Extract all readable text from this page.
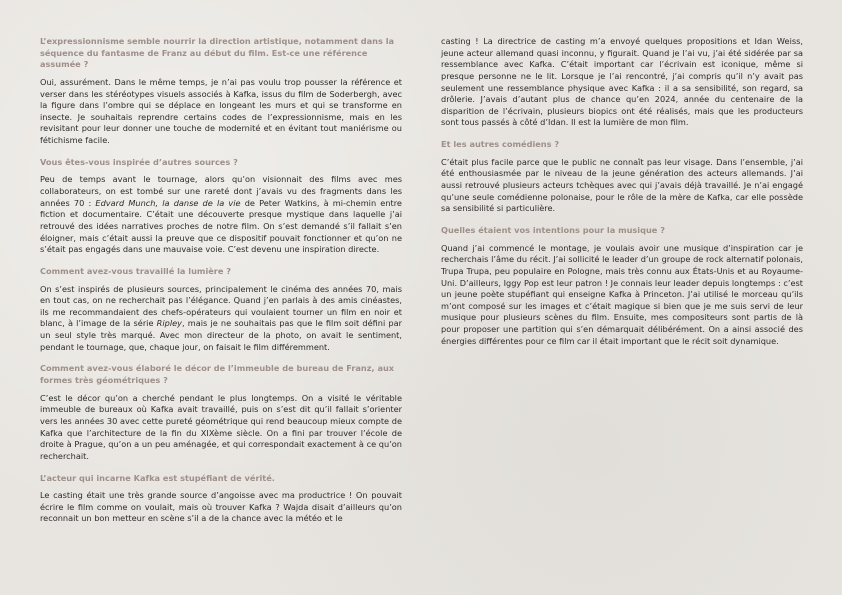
L’expressionnisme semble nourrir la direction artistique, notamment dans la séquence du fantasme de Franz au début du film. Est-ce une référence assumée ?

Oui, assurément. Dans le même temps, je n’ai pas voulu trop pousser la référence et verser dans les stéréotypes visuels associés à Kafka, issus du film de Soderbergh, avec la figure dans l’ombre qui se déplace en longeant les murs et qui se transforme en insecte. Je souhaitais reprendre certains codes de l’expressionnisme, mais en les revisitant pour leur donner une touche de modernité et en évitant tout maniérisme ou fétichisme facile.

Vous êtes-vous inspirée d’autres sources ?

Peu de temps avant le tournage, alors qu’on visionnait des films avec mes collaborateurs, on est tombé sur une rareté dont j’avais vu des fragments dans les années 70 : Edvard Munch, la danse de la vie de Peter Watkins, à mi-chemin entre fiction et documentaire. C’était une découverte presque mystique dans laquelle j’ai retrouvé des idées narratives proches de notre film. On s’est demandé s’il fallait s’en éloigner, mais c’était aussi la preuve que ce dispositif pouvait fonctionner et qu’on ne s’était pas engagés dans une mauvaise voie. C’est devenu une inspiration directe.

Comment avez-vous travaillé la lumière ?

On s’est inspirés de plusieurs sources, principalement le cinéma des années 70, mais en tout cas, on ne recherchait pas l’élégance. Quand j’en parlais à des amis cinéastes, ils me recommandaient des chefs-opérateurs qui voulaient tourner un film en noir et blanc, à l’image de la série Ripley, mais je ne souhaitais pas que le film soit défini par un seul style très marqué. Avec mon directeur de la photo, on avait le sentiment, pendant le tournage, que, chaque jour, on faisait le film différemment.

Comment avez-vous élaboré le décor de l’immeuble de bureau de Franz, aux formes très géométriques ?

C’est le décor qu’on a cherché pendant le plus longtemps. On a visité le véritable immeuble de bureaux où Kafka avait travaillé, puis on s’est dit qu’il fallait s’orienter vers les années 30 avec cette pureté géométrique qui rend beaucoup mieux compte de Kafka que l’architecture de la fin du XIXème siècle. On a fini par trouver l’école de droite à Prague, qu’on a un peu aménagée, et qui correspondait exactement à ce qu’on recherchait.

L’acteur qui incarne Kafka est stupéfiant de vérité.

Le casting était une très grande source d’angoisse avec ma productrice ! On pouvait écrire le film comme on voulait, mais où trouver Kafka ? Wajda disait d’ailleurs qu’on reconnait un bon metteur en scène s’il a de la chance avec la météo et le

casting ! La directrice de casting m’a envoyé quelques propositions et Idan Weiss, jeune acteur allemand quasi inconnu, y figurait. Quand je l’ai vu, j’ai été sidérée par sa ressemblance avec Kafka. C’était important car l’écrivain est iconique, même si presque personne ne le lit. Lorsque je l’ai rencontré, j’ai compris qu’il n’y avait pas seulement une ressemblance physique avec Kafka : il a sa sensibilité, son regard, sa drôlerie. J’avais d’autant plus de chance qu’en 2024, année du centenaire de la disparition de l’écrivain, plusieurs biopics ont été réalisés, mais que les producteurs sont tous passés à côté d’Idan. Il est la lumière de mon film.

Et les autres comédiens ?

C’était plus facile parce que le public ne connaît pas leur visage. Dans l’ensemble, j’ai été enthousiasmée par le niveau de la jeune génération des acteurs allemands. J’ai aussi retrouvé plusieurs acteurs tchèques avec qui j’avais déjà travaillé. Je n’ai engagé qu’une seule comédienne polonaise, pour le rôle de la mère de Kafka, car elle possède sa sensibilité si particulière.

Quelles étaient vos intentions pour la musique ?

Quand j’ai commencé le montage, je voulais avoir une musique d’inspiration car je recherchais l’âme du récit. J’ai sollicité le leader d’un groupe de rock alternatif polonais, Trupa Trupa, peu populaire en Pologne, mais très connu aux États-Unis et au Royaume-Uni. D’ailleurs, Iggy Pop est leur patron ! Je connais leur leader depuis longtemps : c’est un jeune poète stupéfiant qui enseigne Kafka à Princeton. J’ai utilisé le morceau qu’ils m’ont composé sur les images et c’était magique si bien que je me suis servi de leur musique pour plusieurs scènes du film. Ensuite, mes compositeurs sont partis de là pour proposer une partition qui s’en démarquait délibérément. On a ainsi associé des énergies différentes pour ce film car il était important que le récit soit dynamique.
